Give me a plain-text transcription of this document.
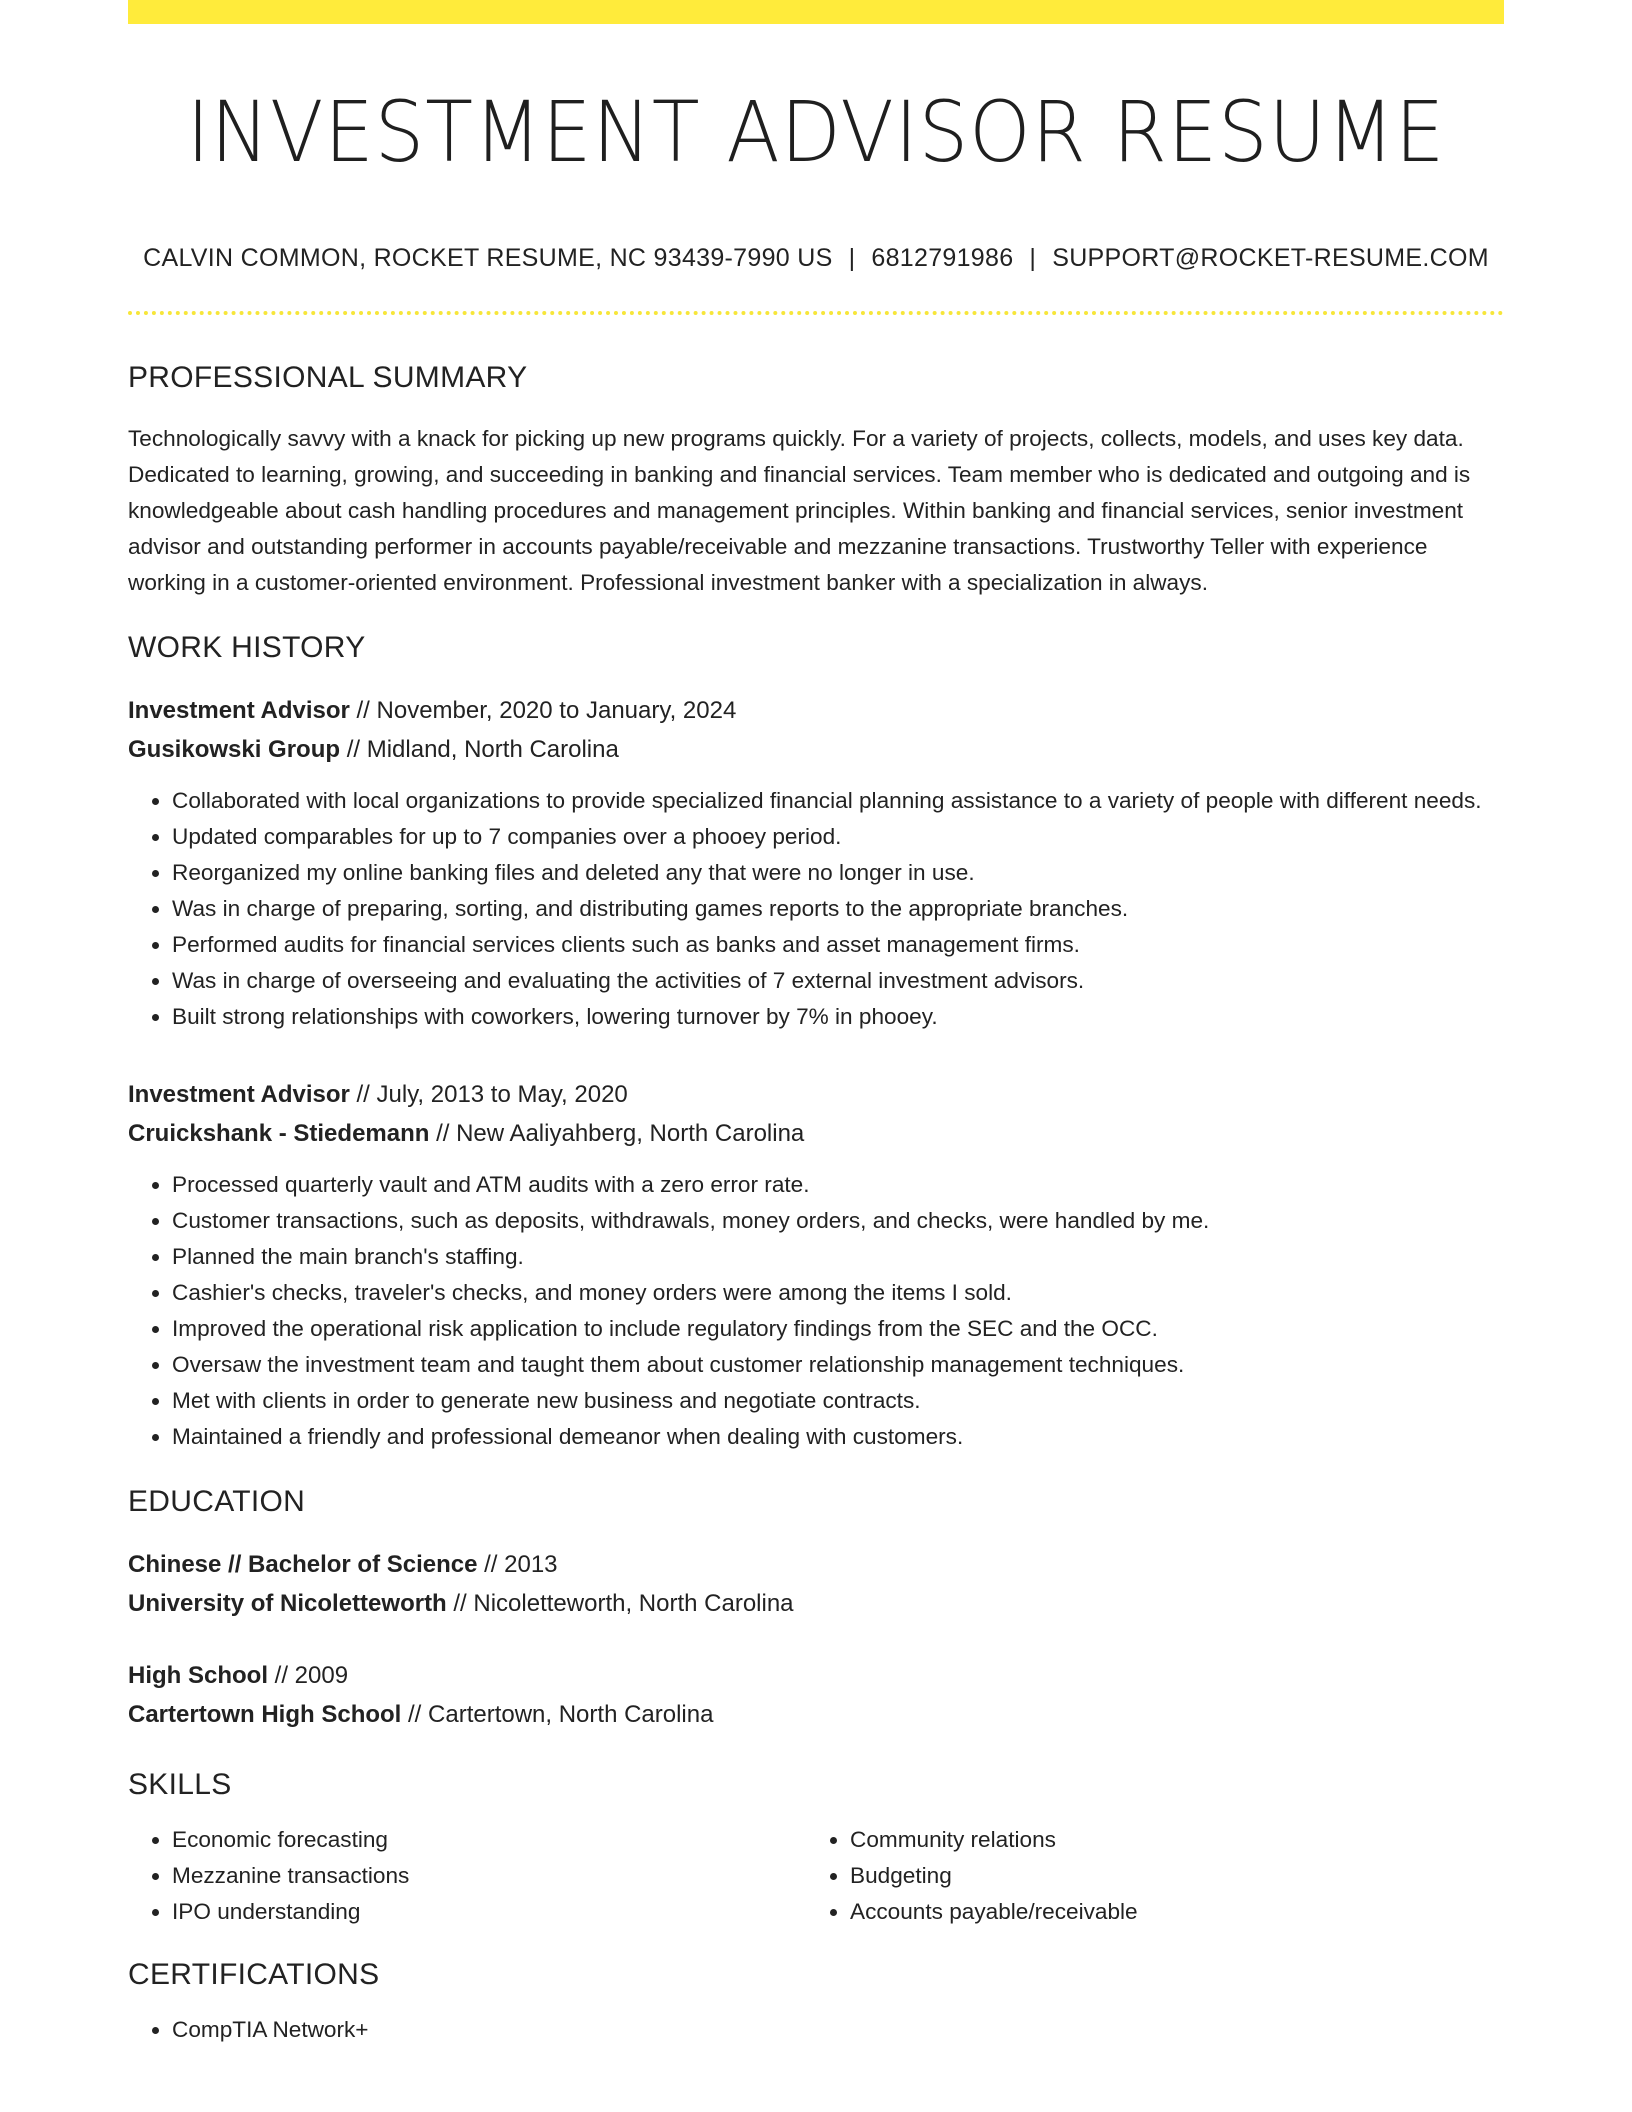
INVESTMENT ADVISOR RESUME
CALVIN COMMON, ROCKET RESUME, NC 93439-7990 US | 6812791986 | SUPPORT@ROCKET-RESUME.COM
PROFESSIONAL SUMMARY
Technologically savvy with a knack for picking up new programs quickly. For a variety of projects, collects, models, and uses key data. Dedicated to learning, growing, and succeeding in banking and financial services. Team member who is dedicated and outgoing and is knowledgeable about cash handling procedures and management principles. Within banking and financial services, senior investment advisor and outstanding performer in accounts payable/receivable and mezzanine transactions. Trustworthy Teller with experience working in a customer-oriented environment. Professional investment banker with a specialization in always.
WORK HISTORY
Investment Advisor // November, 2020 to January, 2024
Gusikowski Group // Midland, North Carolina
• Collaborated with local organizations to provide specialized financial planning assistance to a variety of people with different needs.
• Updated comparables for up to 7 companies over a phooey period.
• Reorganized my online banking files and deleted any that were no longer in use.
• Was in charge of preparing, sorting, and distributing games reports to the appropriate branches.
• Performed audits for financial services clients such as banks and asset management firms.
• Was in charge of overseeing and evaluating the activities of 7 external investment advisors.
• Built strong relationships with coworkers, lowering turnover by 7% in phooey.
Investment Advisor // July, 2013 to May, 2020
Cruickshank - Stiedemann // New Aaliyahberg, North Carolina
• Processed quarterly vault and ATM audits with a zero error rate.
• Customer transactions, such as deposits, withdrawals, money orders, and checks, were handled by me.
• Planned the main branch's staffing.
• Cashier's checks, traveler's checks, and money orders were among the items I sold.
• Improved the operational risk application to include regulatory findings from the SEC and the OCC.
• Oversaw the investment team and taught them about customer relationship management techniques.
• Met with clients in order to generate new business and negotiate contracts.
• Maintained a friendly and professional demeanor when dealing with customers.
EDUCATION
Chinese // Bachelor of Science // 2013
University of Nicoletteworth // Nicoletteworth, North Carolina
High School // 2009
Cartertown High School // Cartertown, North Carolina
SKILLS
• Economic forecasting
• Mezzanine transactions
• IPO understanding
• Community relations
• Budgeting
• Accounts payable/receivable
CERTIFICATIONS
• CompTIA Network+
